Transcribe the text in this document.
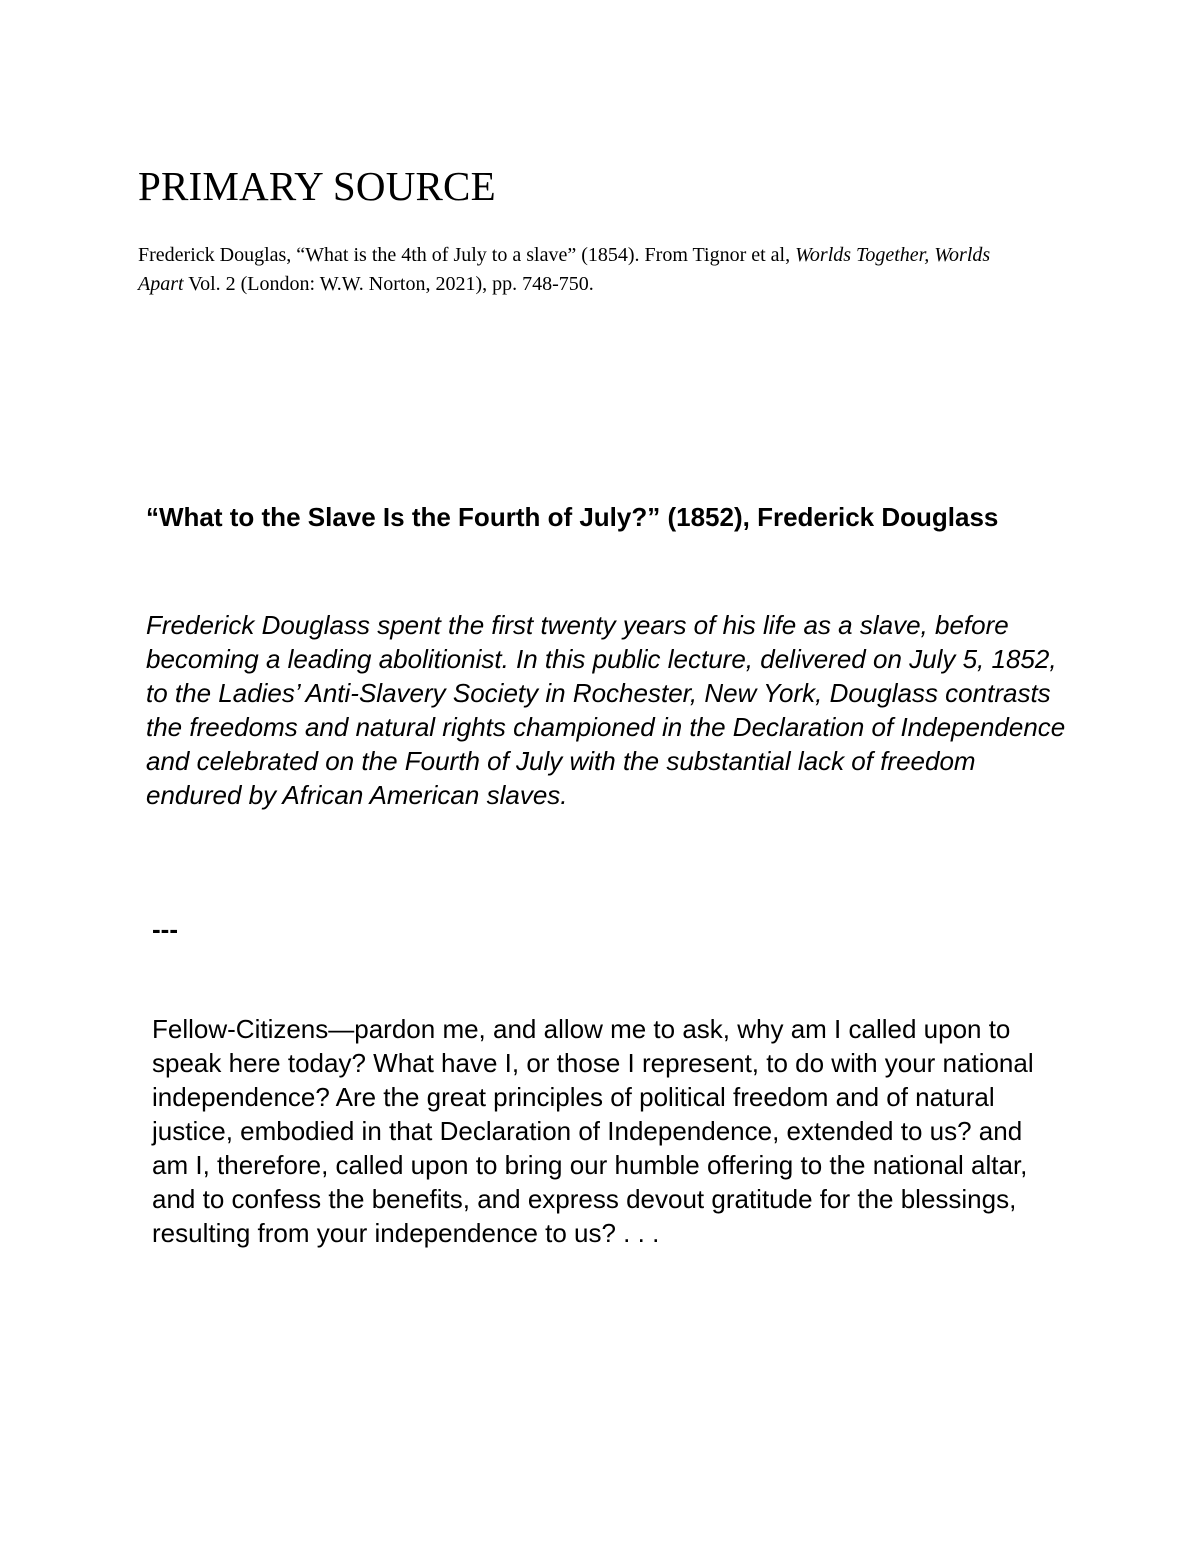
PRIMARY SOURCE

Frederick Douglas, “What is the 4th of July to a slave” (1854). From Tignor et al, Worlds Together, Worlds Apart Vol. 2 (London: W.W. Norton, 2021), pp. 748-750.

“What to the Slave Is the Fourth of July?” (1852), Frederick Douglass

Frederick Douglass spent the first twenty years of his life as a slave, before becoming a leading abolitionist. In this public lecture, delivered on July 5, 1852, to the Ladies’ Anti-Slavery Society in Rochester, New York, Douglass contrasts the freedoms and natural rights championed in the Declaration of Independence and celebrated on the Fourth of July with the substantial lack of freedom endured by African American slaves.

---

Fellow-Citizens—pardon me, and allow me to ask, why am I called upon to speak here today? What have I, or those I represent, to do with your national independence? Are the great principles of political freedom and of natural justice, embodied in that Declaration of Independence, extended to us? and am I, therefore, called upon to bring our humble offering to the national altar, and to confess the benefits, and express devout gratitude for the blessings, resulting from your independence to us? . . .
